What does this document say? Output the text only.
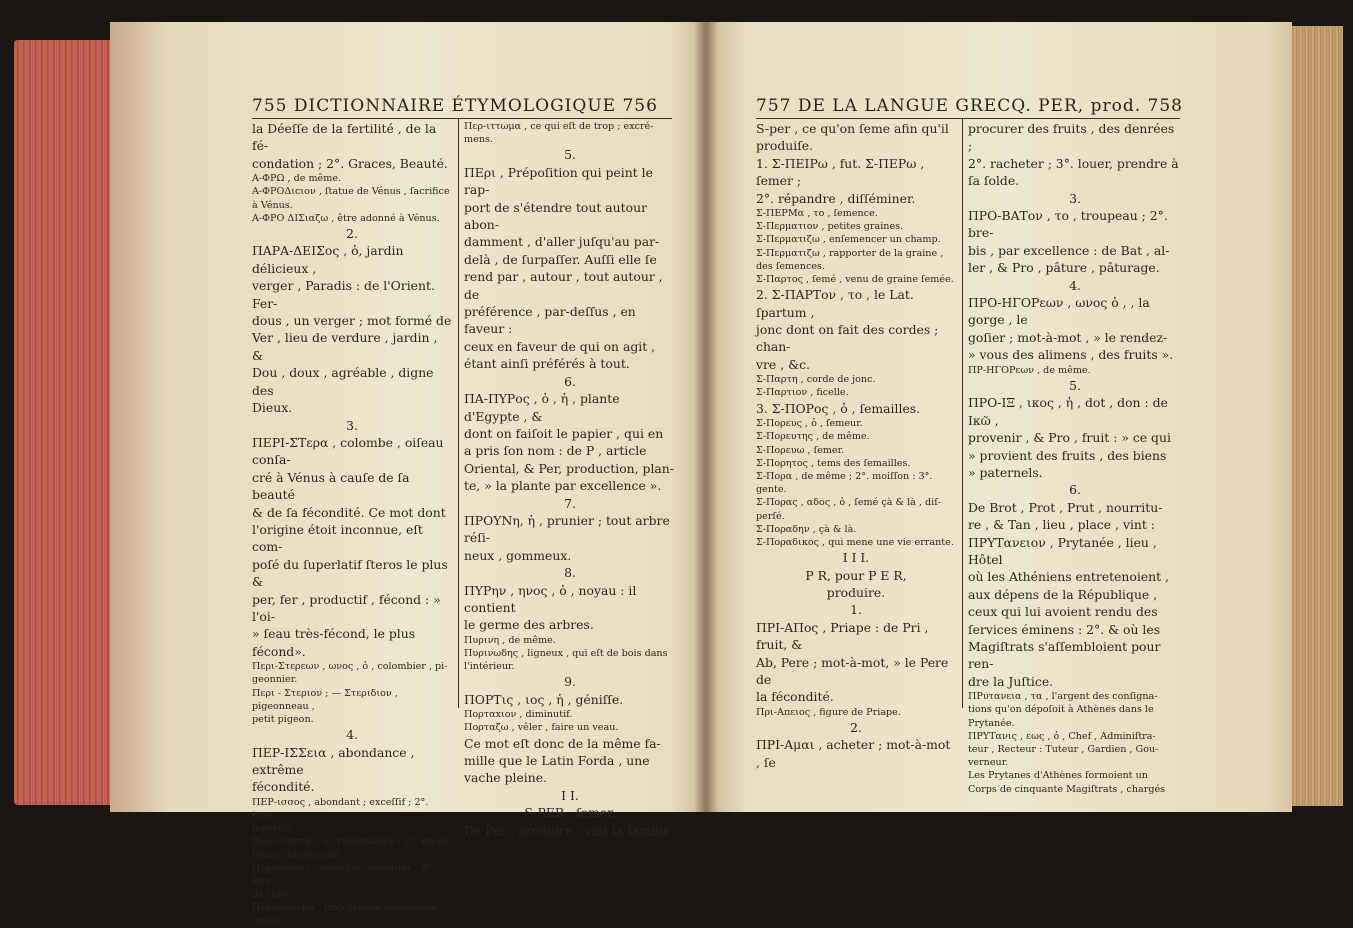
755 DICTIONNAIRE ÉTYMOLOGIQUE 756

la Déeſſe de la fertilité , de la fé-

condation ; 2°. Graces, Beauté.

A-ΦΡΩ , de même.

A-ΦΡΟΔιϲιον , ſtatue de Vénus , ſacrifice

à Vénus.

A-ΦΡΟ ΔΙΣιαζω , être adonné à Vénus.

2.

ΠΑΡΑ-ΔΕΙΣος , ὁ, jardin délicieux ,

verger , Paradis : de l'Orient. Fer-

dous , un verger ; mot formé de

Ver , lieu de verdure , jardin , &

Dou , doux , agréable , digne des

Dieux.

3.

ΠΕΡΙ-ΣΤερα , colombe , oiſeau conſa-

cré à Vénus à cauſe de ſa beauté

& de ſa fécondité. Ce mot dont

l'origine étoit inconnue, eſt com-

poſé du ſuperlatif ſteros le plus &

per, fer , productif , fécond : » l'oi-

» ſeau très-fécond, le plus fécond».

Περι-Στερεων , ωνος , ὁ , colombier , pi-

geonnier.

Περι - Στεριον ; — Στεριδιον , pigeonneau ,

petit pigeon.

4.

ΠΕΡ-ΙΣΣεια , abondance , extrême

fécondité.

ΠΕΡ-ισσος , abondant ; exceſſif ; 2°. trop,

ſuperflu.

Περ-ισσοτης , ὁ , redondance ; 2°. excel-

lence , ſupériorité.

Περ-ισσευω , abondor , regorger ; 2°. être

de reſte.

Περ-ισσευμα , trop grande abondance ,

reſtes.

Περ-ιττωμα , ce qui eſt de trop ; excré-

mens.

5.

ΠΕρι , Prépoſition qui peint le rap-

port de s'étendre tout autour abon-

damment , d'aller juſqu'au par-

delà , de ſurpaſſer. Auſſi elle ſe

rend par , autour , tout autour , de

préférence , par-deſſus , en faveur :

ceux en faveur de qui on agit ,

étant ainſi préférés à tout.

6.

ΠΑ-ΠΥΡος , ὁ , ἡ , plante d'Egypte , &

dont on faiſoit le papier , qui en

a pris ſon nom : de P , article

Oriental, & Per, production, plan-

te, » la plante par excellence ».

7.

ΠΡΟΥΝη, ἡ , prunier ; tout arbre réſi-

neux , gommeux.

8.

ΠΥΡην , ηνος , ὁ , noyau : il contient

le germe des arbres.

Πυρινη , de même.

Πυρινωδης , ligneux , qui eſt de bois dans

l'intérieur.

9.

ΠΟΡΤις , ιος , ἡ , géniſſe.

Πορταxιον , diminutif.

Πορταζω , vêler , faire un veau.

Ce mot eſt donc de la même fa-

mille que le Latin Forda , une

vache pleine.

I I.

S-PER , ſemer.

De Per , produire , vint la famille

757 DE LA LANGUE GRECQ. PER, prod. 758

S-per , ce qu'on ſeme afin qu'il

produiſe.

1. Σ-ΠΕΙΡω , fut. Σ-ΠΕΡω , ſemer ;

2°. répandre , diſſéminer.

Σ-ΠΕΡΜα , το , ſemence.

Σ-Περματιον , petites graines.

Σ-Περματιζω , enſemencer un champ.

Σ-Περματιζω , rapporter de la graine ,

des ſemences.

Σ-Παρτος , ſemé , venu de graine ſemée.

2. Σ-ΠΑΡΤον , το , le Lat. ſpartum ,

jonc dont on fait des cordes ; chan-

vre , &c.

Σ-Παρτη , corde de jonc.

Σ-Παρτιον , ficelle.

3. Σ-ΠΟΡος , ὁ , ſemailles.

Σ-Πορευς , ὁ , ſemeur.

Σ-Πορευτης , de même.

Σ-Πορευω , ſemer.

Σ-Πορητος , tems des ſemailles.

Σ-Πορα , de même ; 2°. moiſſon : 3°.

gente.

Σ-Πορας , αδος , ὁ , ſemé çà & là , diſ-

perſé.

Σ-Ποραδην , çà & là.

Σ-Ποραδικος , qui mene une vie errante.

I I I.

P R, pour P E R,

produire.

1.

ΠΡΙ-ΑΠος , Priape : de Pri , fruit, &

Ab, Pere ; mot-à-mot, » le Pere de

la fécondité.

Πρι-Απειος , figure de Priape.

2.

ΠΡΙ-Αμαι , acheter ; mot-à-mot , ſe

procurer des fruits , des denrées ;

2°. racheter ; 3°. louer, prendre à

ſa ſolde.

3.

ΠΡΟ-ΒΑΤον , το , troupeau ; 2°. bre-

bis , par excellence : de Bat , al-

ler , & Pro , pâture , pâturage.

4.

ΠΡΟ-ΗΓΟΡεων , ωνος ὁ , , la gorge , le

goſier ; mot-à-mot , » le rendez-

» vous des alimens , des fruits ».

ΠΡ-ΗΓΟΡεων , de même.

5.

ΠΡΟ-ΙΞ , ικος , ἡ , dot , don : de Ικῶ ,

provenir , & Pro , fruit : » ce qui

» provient des fruits , des biens

» paternels.

6.

De Brot , Prot , Prut , nourritu-

re , & Tan , lieu , place , vint :

ΠΡΥΤανειον , Prytanée , lieu , Hôtel

où les Athéniens entretenoient ,

aux dépens de la République ,

ceux qui lui avoient rendu des

ſervices éminens : 2°. & où les

Magiſtrats s'aſſembloient pour ren-

dre la Juſtice.

ΠΡυτανεια , τα , l'argent des conſigna-

tions qu'on dépoſoit à Athènes dans le

Prytanée.

ΠΡΥΤανις , εως , ὁ , Chef , Adminiſtra-

teur , Recteur : Tuteur , Gardien , Gou-

verneur.

Les Prytanes d'Athènes formoient un

Corps de cinquante Magiſtrats , chargés
